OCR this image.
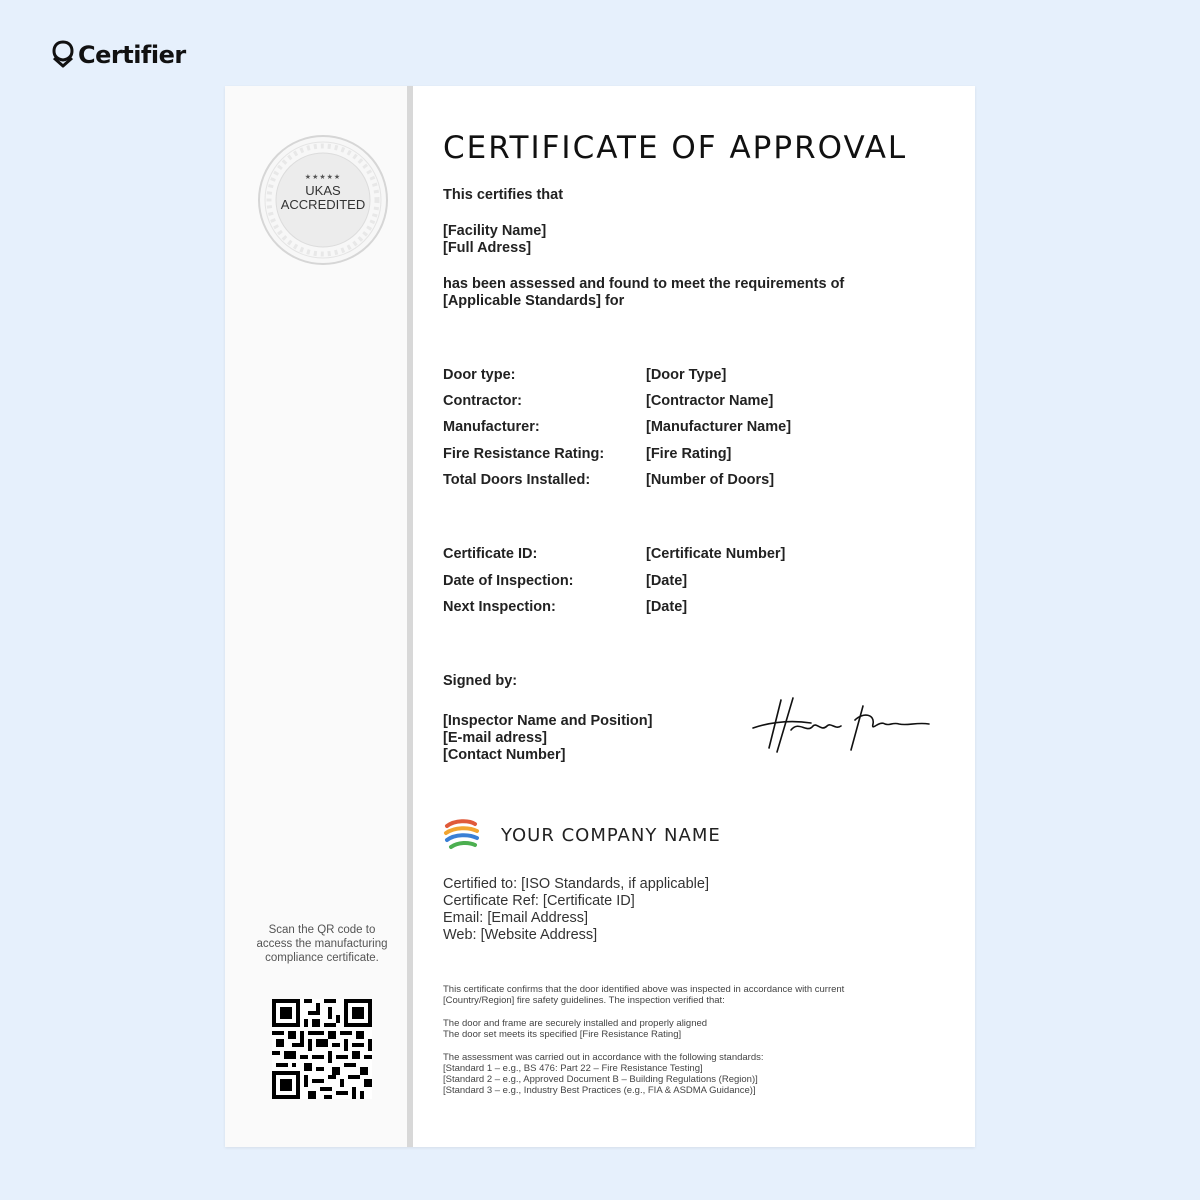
Certifier
★★★★★
UKAS
ACCREDITED
Scan the QR code to access the manufacturing compliance certificate.
CERTIFICATE OF APPROVAL

This certifies that

[Facility Name]

[Full Adress]

has been assessed and found to meet the requirements of

[Applicable Standards] for

Door type:	[Door Type]
Contractor:	[Contractor Name]
Manufacturer:	[Manufacturer Name]
Fire Resistance Rating:	[Fire Rating]
Total Doors Installed:	[Number of Doors]
Certificate ID:	[Certificate Number]
Date of Inspection:	[Date]
Next Inspection:	[Date]

Signed by:

[Inspector Name and Position]

[E-mail adress]

[Contact Number]

YOUR COMPANY NAME
Certified to: [ISO Standards, if applicable]
Certificate Ref: [Certificate ID]
Email: [Email Address]
Web: [Website Address]
This certificate confirms that the door identified above was inspected in accordance with current
[Country/Region] fire safety guidelines. The inspection verified that:
The door and frame are securely installed and properly aligned
The door set meets its specified [Fire Resistance Rating]
The assessment was carried out in accordance with the following standards:
[Standard 1 – e.g., BS 476: Part 22 – Fire Resistance Testing]
[Standard 2 – e.g., Approved Document B – Building Regulations (Region)]
[Standard 3 – e.g., Industry Best Practices (e.g., FIA & ASDMA Guidance)]
